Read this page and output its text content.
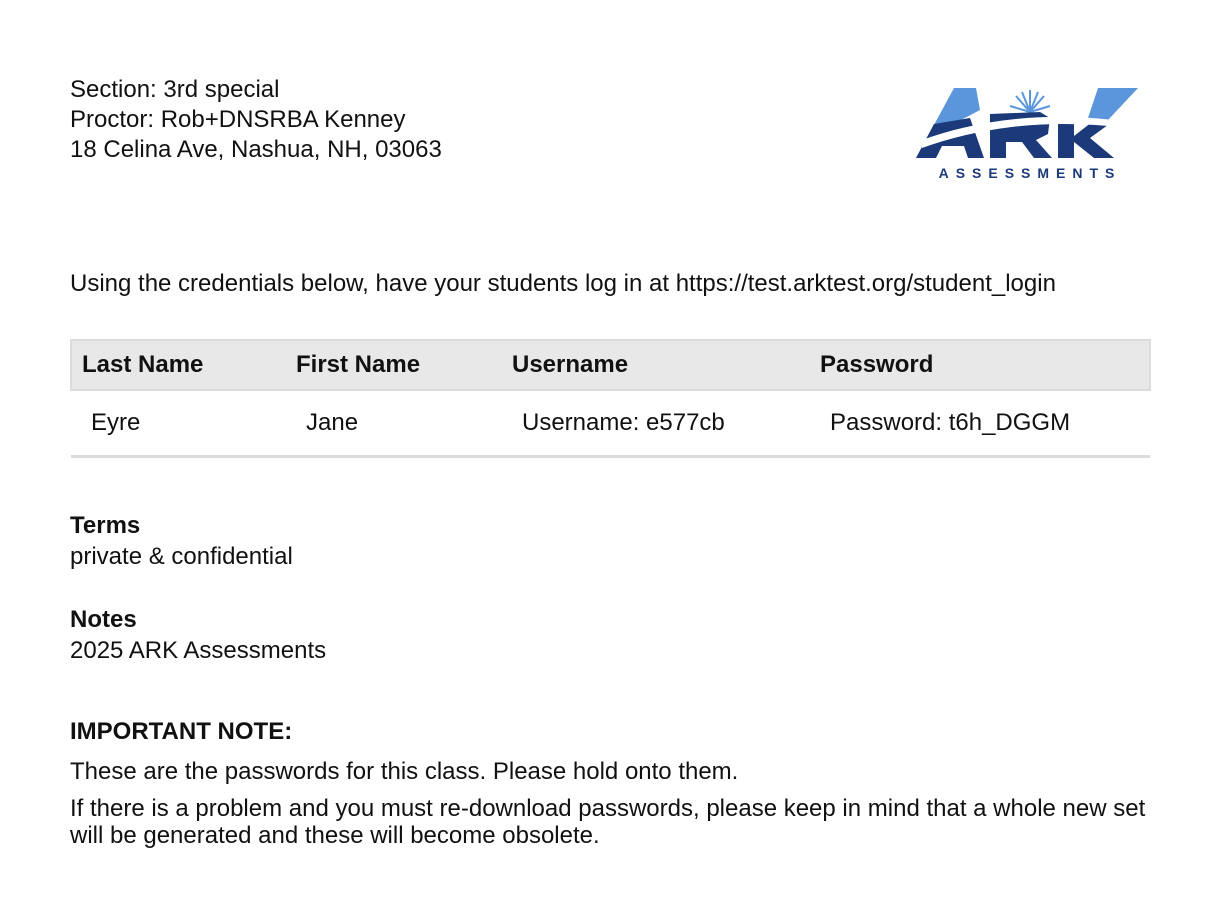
Section: 3rd special
Proctor: Rob+DNSRBA Kenney
18 Celina Ave, Nashua, NH, 03063
ASSESSMENTS
Using the credentials below, have your students log in at https://test.arktest.org/student_login
Last Name	First Name	Username	Password
Eyre	Jane	Username: e577cb	Password: t6h_DGGM
Terms
private & confidential
Notes
2025 ARK Assessments
IMPORTANT NOTE:

These are the passwords for this class. Please hold onto them.

If there is a problem and you must re-download passwords, please keep in mind that a whole new set will be generated and these will become obsolete.
